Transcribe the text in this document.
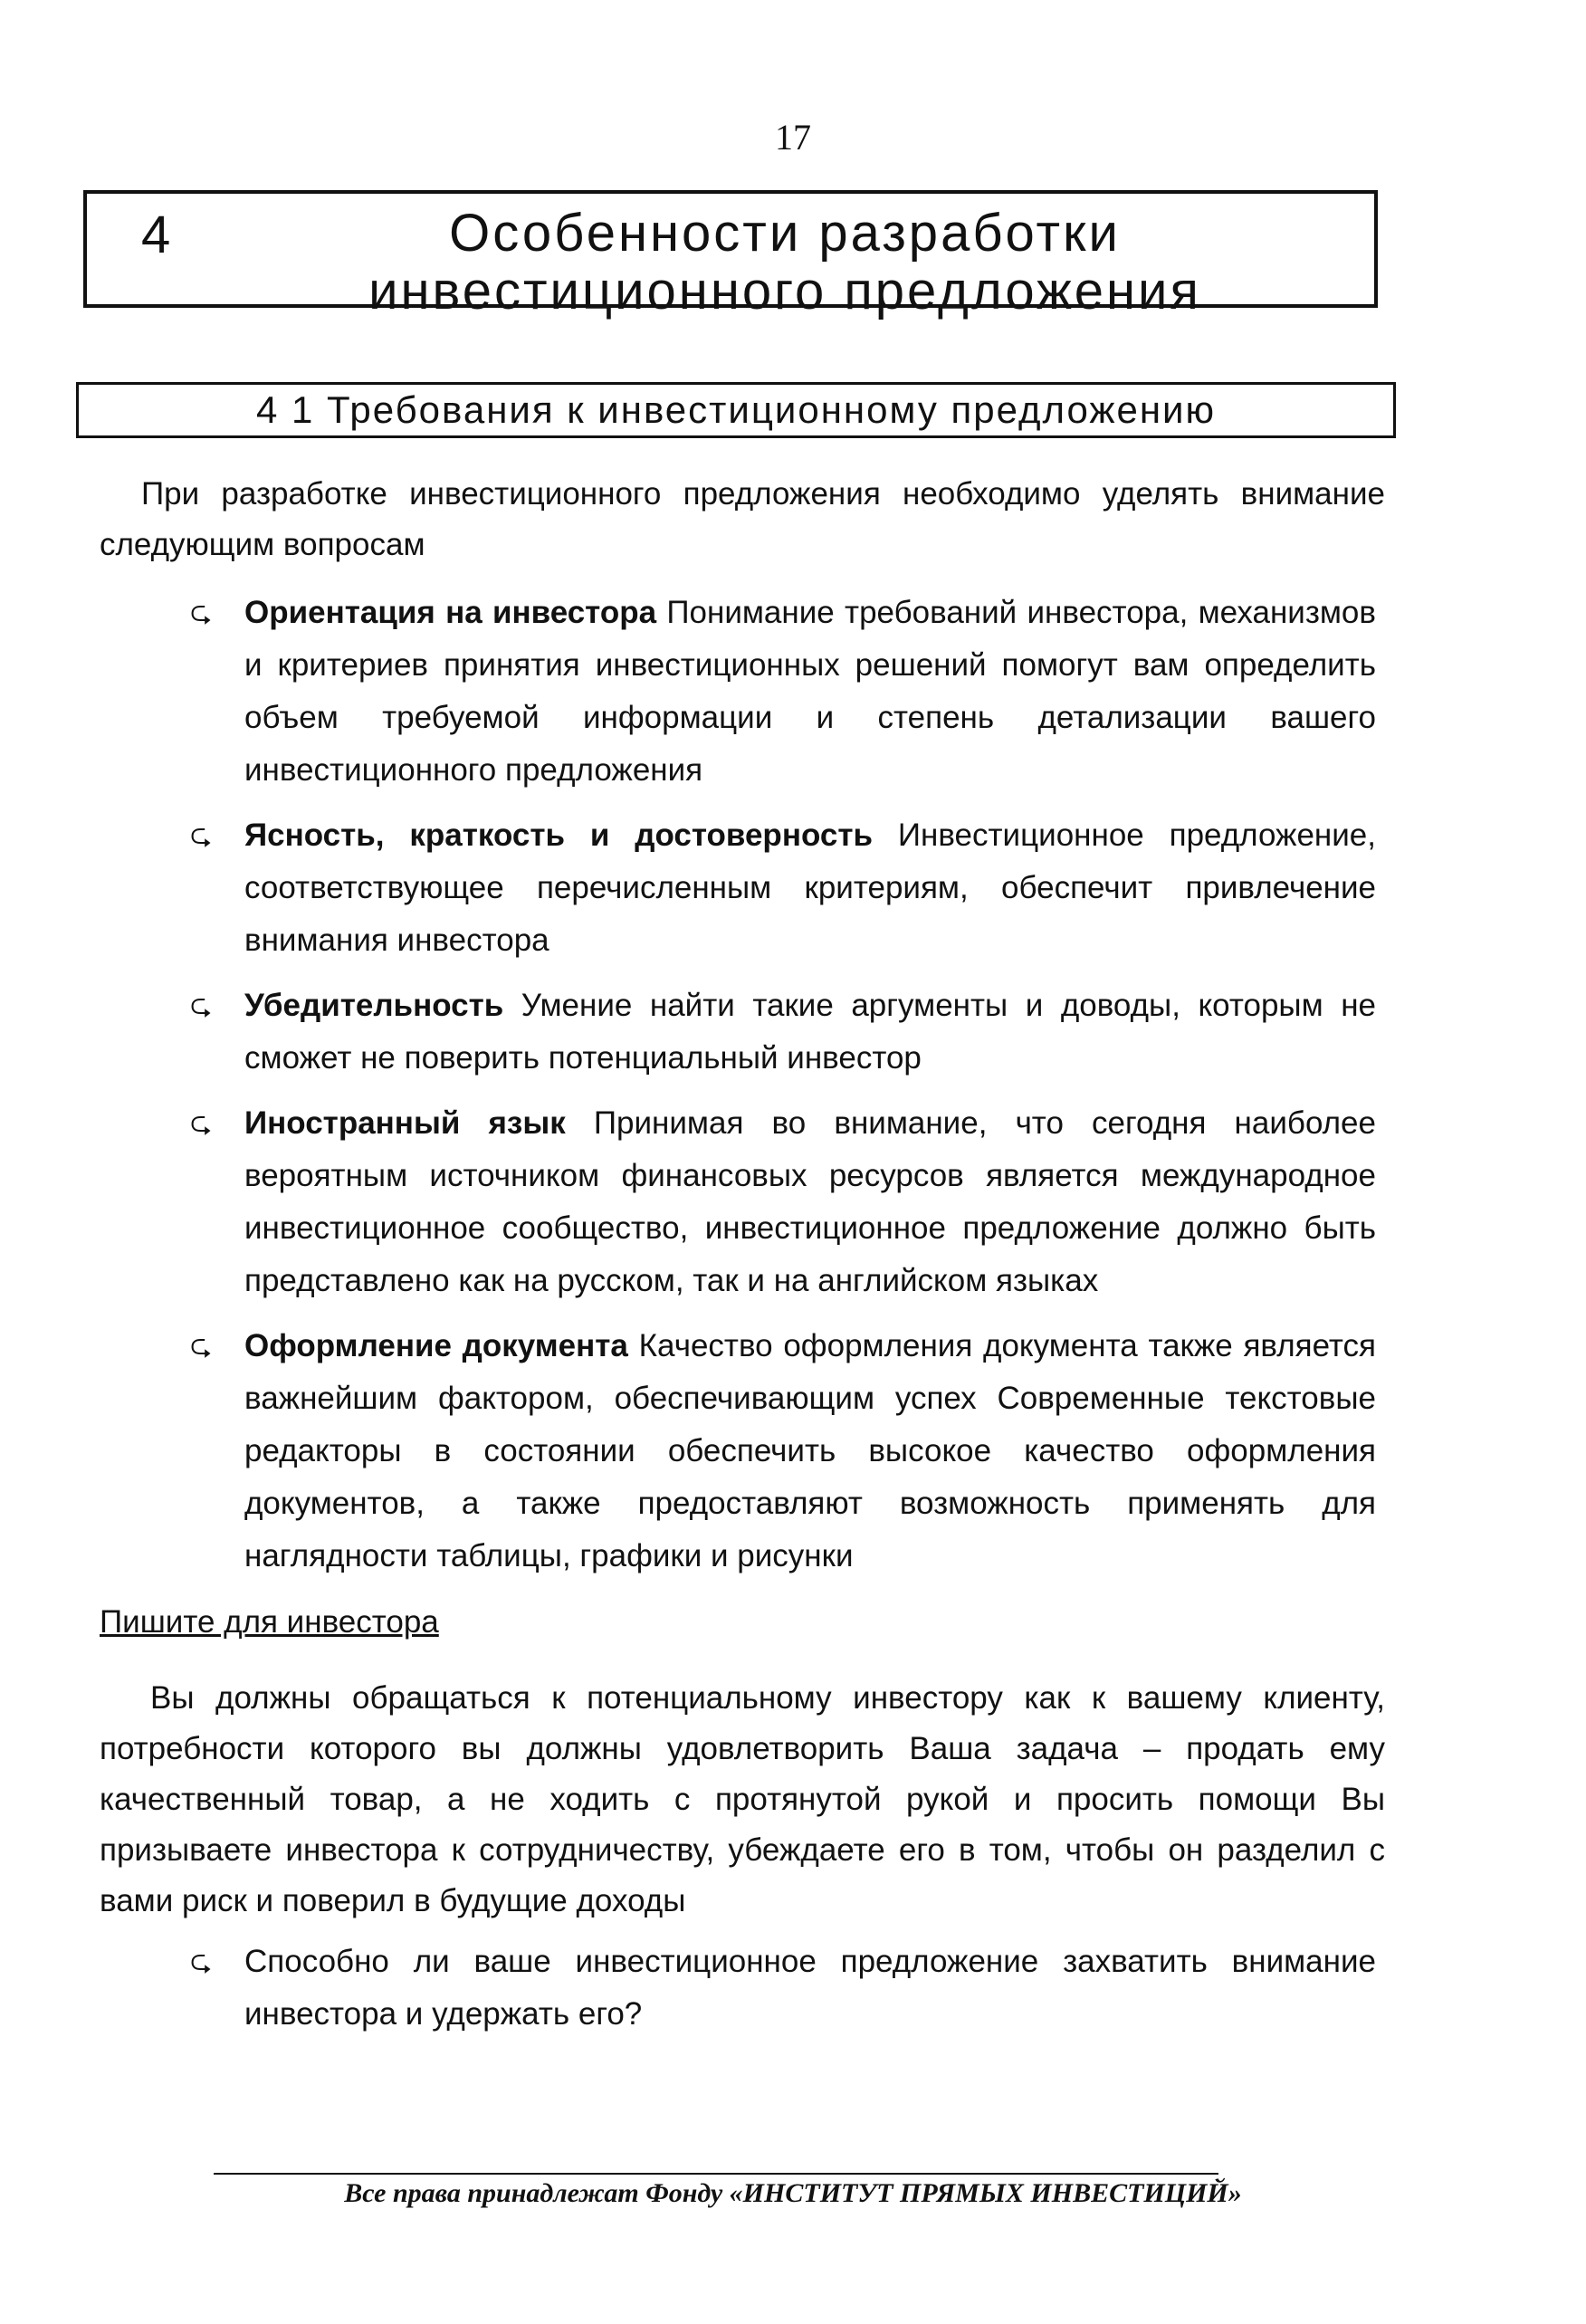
17
4	Особенности разработки инвестиционного предложения
4 1 Требования к инвестиционному предложению
При разработке инвестиционного предложения необходимо уделять внимание следующим вопросам
⮎	Ориентация на инвестора Понимание требований инвестора, механизмов и критериев принятия инвестиционных решений помогут вам определить объем требуемой информации и степень детализации вашего инвестиционного предложения
⮎	Ясность, краткость и достоверность Инвестиционное предложение, соответствующее перечисленным критериям, обеспечит привлечение внимания инвестора
⮎	Убедительность Умение найти такие аргументы и доводы, которым не сможет не поверить потенциальный инвестор
⮎	Иностранный язык Принимая во внимание, что сегодня наиболее вероятным источником финансовых ресурсов является международное инвестиционное сообщество, инвестиционное предложение должно быть представлено как на русском, так и на английском языках
⮎	Оформление документа Качество оформления документа также является важнейшим фактором, обеспечивающим успех Современные текстовые редакторы в состоянии обеспечить высокое качество оформления документов, а также предоставляют возможность применять для наглядности таблицы, графики и рисунки
Пишите для инвестора
Вы должны обращаться к потенциальному инвестору как к вашему клиенту, потребности которого вы должны удовлетворить Ваша задача – продать ему качественный товар, а не ходить с протянутой рукой и просить помощи Вы призываете инвестора к сотрудничеству, убеждаете его в том, чтобы он разделил с вами риск и поверил в будущие доходы
⮎	Способно ли ваше инвестиционное предложение захватить внимание инвестора и удержать его?
Все права принадлежат Фонду «ИНСТИТУТ ПРЯМЫХ ИНВЕСТИЦИЙ»
